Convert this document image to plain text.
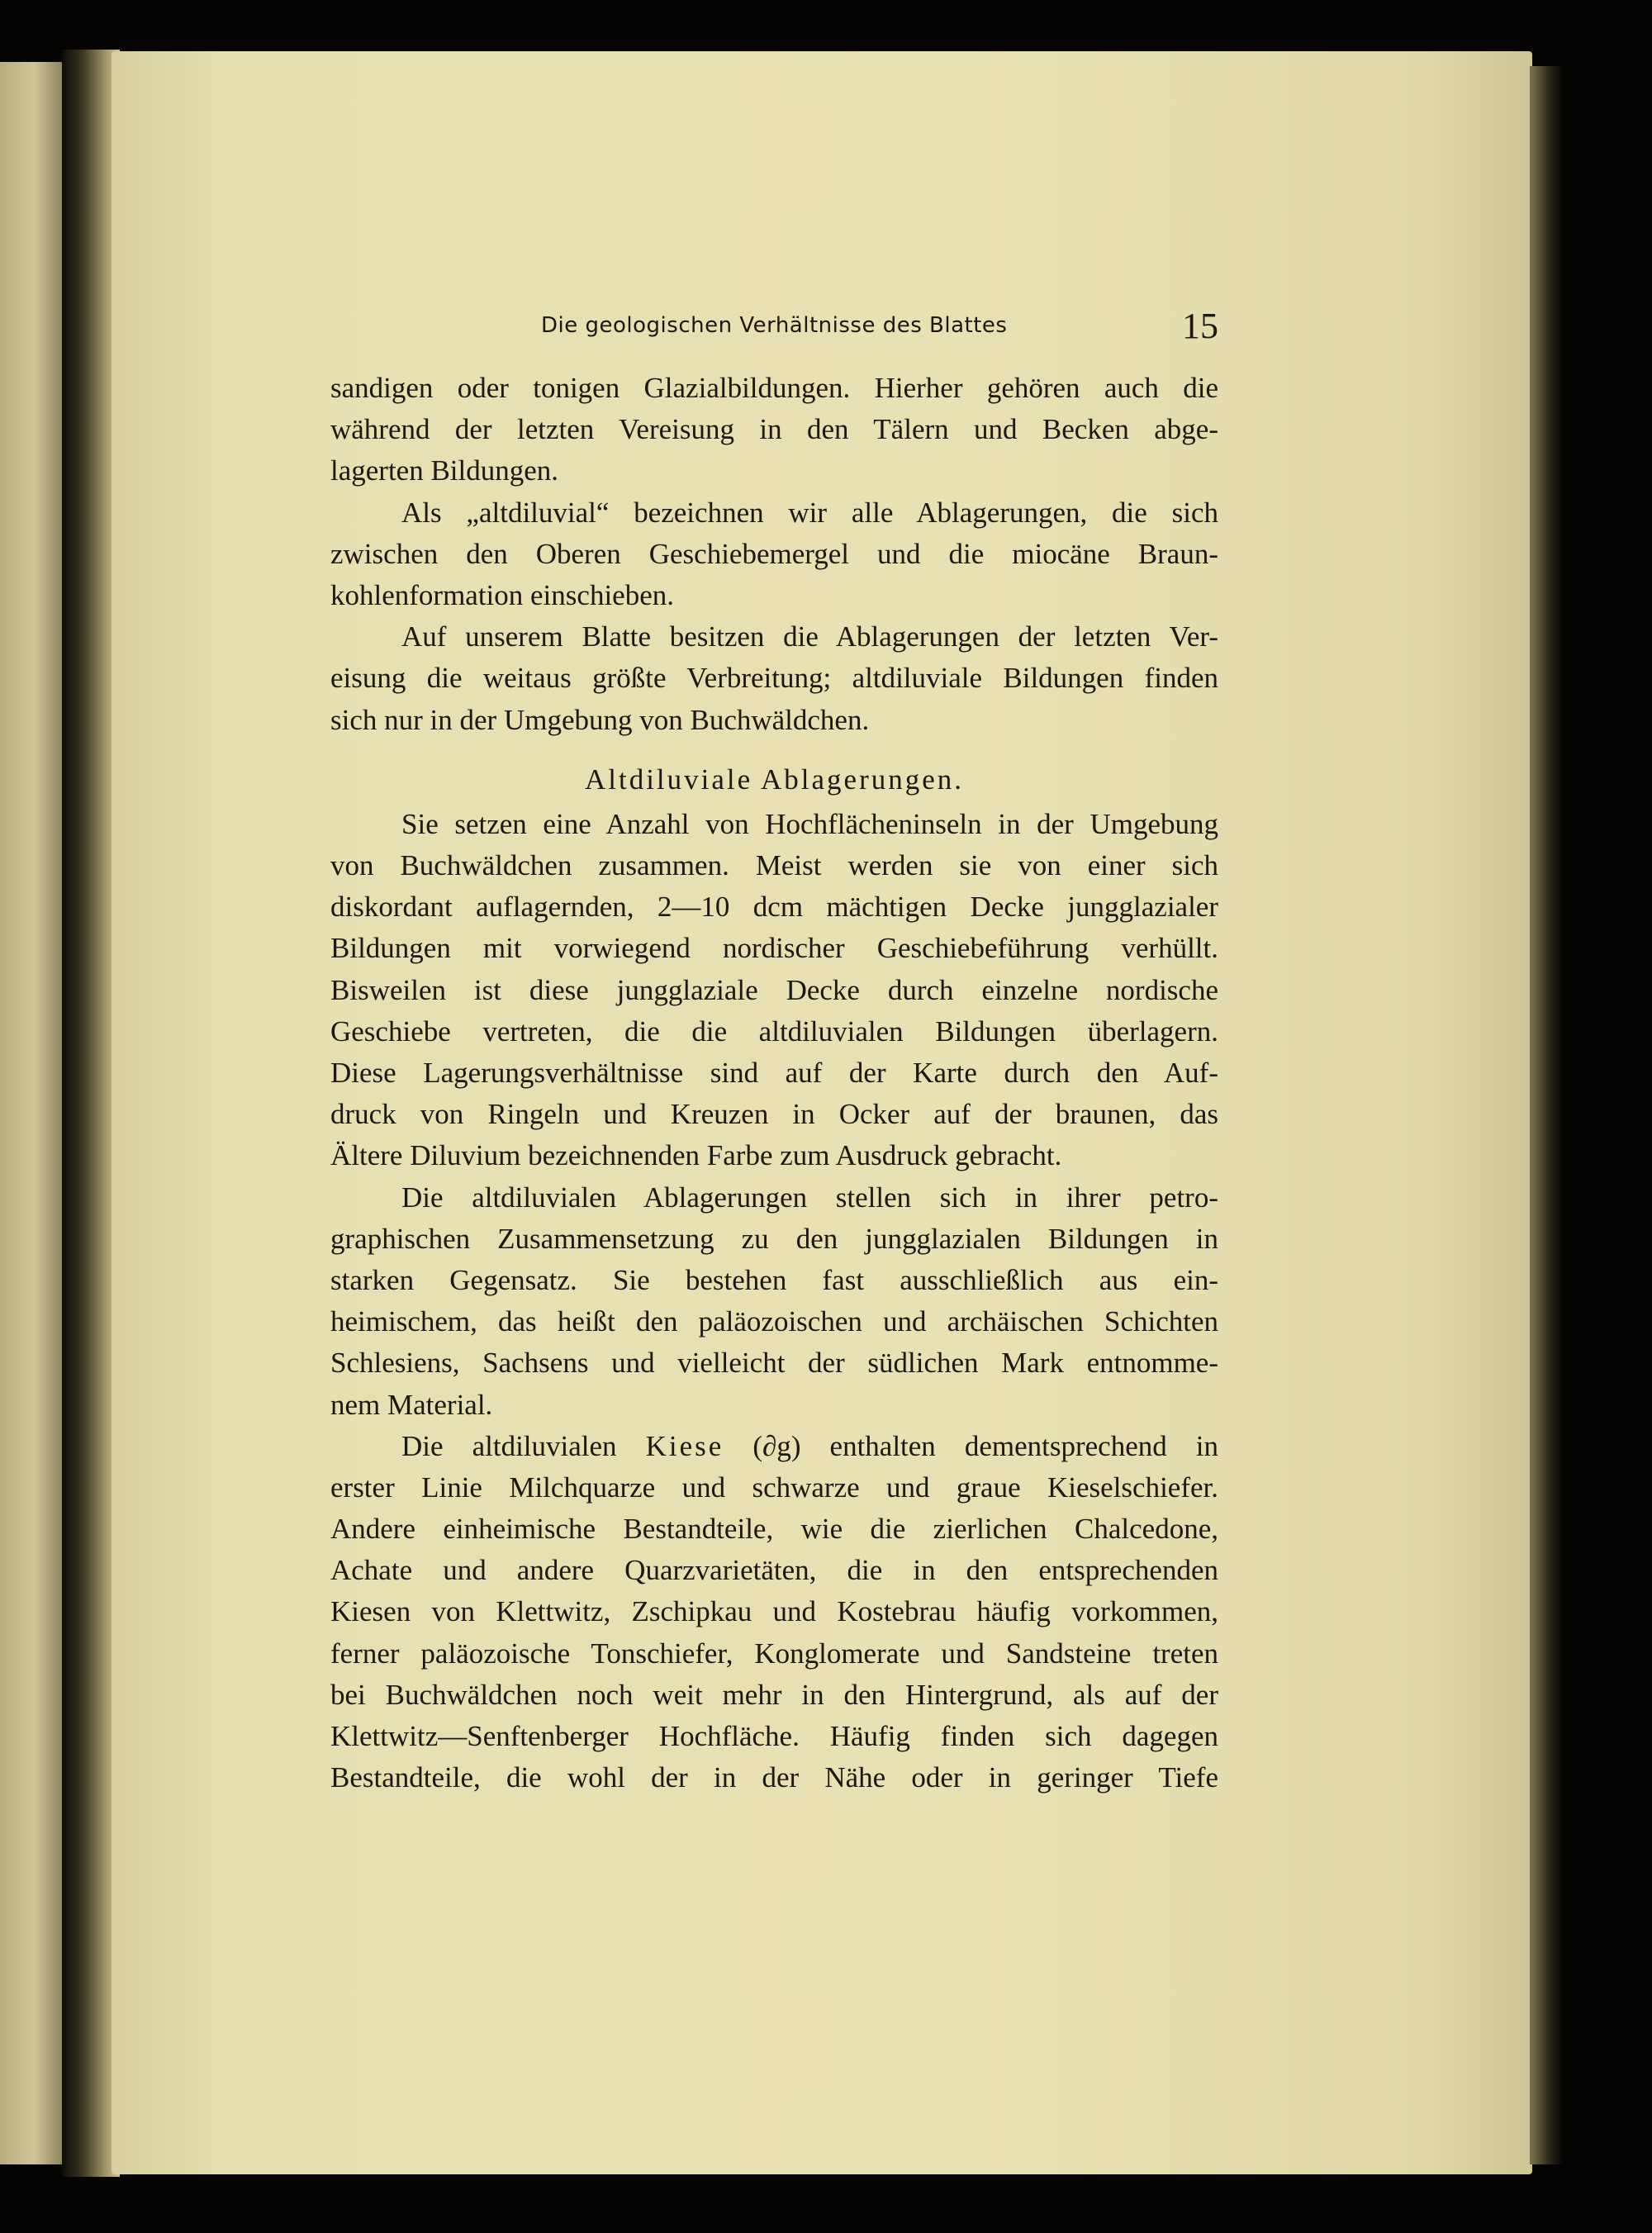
Die geologischen Verhältnisse des Blattes	15
sandigen oder tonigen Glazialbildungen. Hierher gehören auch die
während der letzten Vereisung in den Tälern und Becken abge-
lagerten Bildungen.
Als „altdiluvial“ bezeichnen wir alle Ablagerungen, die sich
zwischen den Oberen Geschiebemergel und die miocäne Braun-
kohlenformation einschieben.
Auf unserem Blatte besitzen die Ablagerungen der letzten Ver-
eisung die weitaus größte Verbreitung; altdiluviale Bildungen finden
sich nur in der Umgebung von Buchwäldchen.
Altdiluviale Ablagerungen.
Sie setzen eine Anzahl von Hochflächeninseln in der Umgebung
von Buchwäldchen zusammen. Meist werden sie von einer sich
diskordant auflagernden, 2—10 dcm mächtigen Decke jungglazialer
Bildungen mit vorwiegend nordischer Geschiebeführung verhüllt.
Bisweilen ist diese jungglaziale Decke durch einzelne nordische
Geschiebe vertreten, die die altdiluvialen Bildungen überlagern.
Diese Lagerungsverhältnisse sind auf der Karte durch den Auf-
druck von Ringeln und Kreuzen in Ocker auf der braunen, das
Ältere Diluvium bezeichnenden Farbe zum Ausdruck gebracht.
Die altdiluvialen Ablagerungen stellen sich in ihrer petro-
graphischen Zusammensetzung zu den jungglazialen Bildungen in
starken Gegensatz. Sie bestehen fast ausschließlich aus ein-
heimischem, das heißt den paläozoischen und archäischen Schichten
Schlesiens, Sachsens und vielleicht der südlichen Mark entnomme-
nem Material.
Die altdiluvialen Kiese (∂g) enthalten dementsprechend in
erster Linie Milchquarze und schwarze und graue Kieselschiefer.
Andere einheimische Bestandteile, wie die zierlichen Chalcedone,
Achate und andere Quarzvarietäten, die in den entsprechenden
Kiesen von Klettwitz, Zschipkau und Kostebrau häufig vorkommen,
ferner paläozoische Tonschiefer, Konglomerate und Sandsteine treten
bei Buchwäldchen noch weit mehr in den Hintergrund, als auf der
Klettwitz—Senftenberger Hochfläche. Häufig finden sich dagegen
Bestandteile, die wohl der in der Nähe oder in geringer Tiefe
